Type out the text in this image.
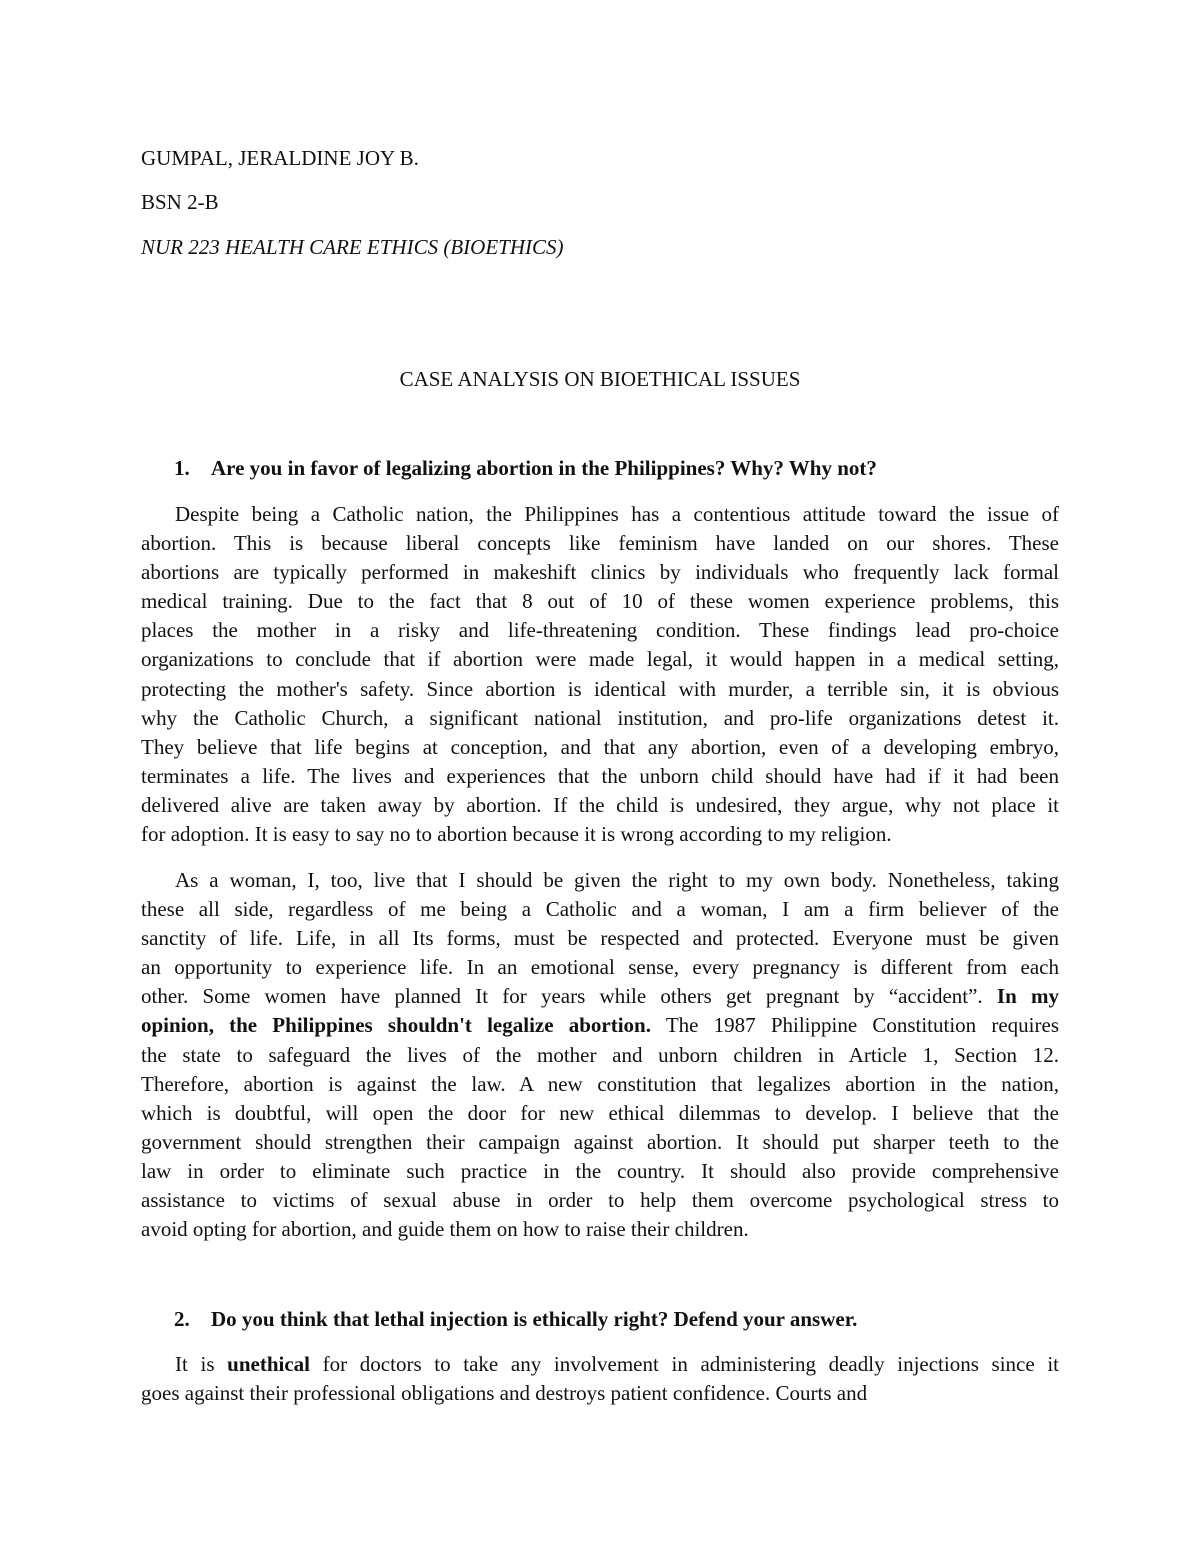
GUMPAL, JERALDINE JOY B.
BSN 2-B
NUR 223 HEALTH CARE ETHICS (BIOETHICS)
CASE ANALYSIS ON BIOETHICAL ISSUES
1. Are you in favor of legalizing abortion in the Philippines? Why? Why not?
Despite being a Catholic nation, the Philippines has a contentious attitude toward the issue of
abortion. This is because liberal concepts like feminism have landed on our shores. These
abortions are typically performed in makeshift clinics by individuals who frequently lack formal
medical training. Due to the fact that 8 out of 10 of these women experience problems, this
places the mother in a risky and life-threatening condition. These findings lead pro-choice
organizations to conclude that if abortion were made legal, it would happen in a medical setting,
protecting the mother's safety. Since abortion is identical with murder, a terrible sin, it is obvious
why the Catholic Church, a significant national institution, and pro-life organizations detest it.
They believe that life begins at conception, and that any abortion, even of a developing embryo,
terminates a life. The lives and experiences that the unborn child should have had if it had been
delivered alive are taken away by abortion. If the child is undesired, they argue, why not place it
for adoption. It is easy to say no to abortion because it is wrong according to my religion.
As a woman, I, too, live that I should be given the right to my own body. Nonetheless, taking
these all side, regardless of me being a Catholic and a woman, I am a firm believer of the
sanctity of life. Life, in all Its forms, must be respected and protected. Everyone must be given
an opportunity to experience life. In an emotional sense, every pregnancy is different from each
other. Some women have planned It for years while others get pregnant by “accident”. In my
opinion, the Philippines shouldn't legalize abortion. The 1987 Philippine Constitution requires
the state to safeguard the lives of the mother and unborn children in Article 1, Section 12.
Therefore, abortion is against the law. A new constitution that legalizes abortion in the nation,
which is doubtful, will open the door for new ethical dilemmas to develop. I believe that the
government should strengthen their campaign against abortion. It should put sharper teeth to the
law in order to eliminate such practice in the country. It should also provide comprehensive
assistance to victims of sexual abuse in order to help them overcome psychological stress to
avoid opting for abortion, and guide them on how to raise their children.
2. Do you think that lethal injection is ethically right? Defend your answer.
It is unethical for doctors to take any involvement in administering deadly injections since it
goes against their professional obligations and destroys patient confidence. Courts and
